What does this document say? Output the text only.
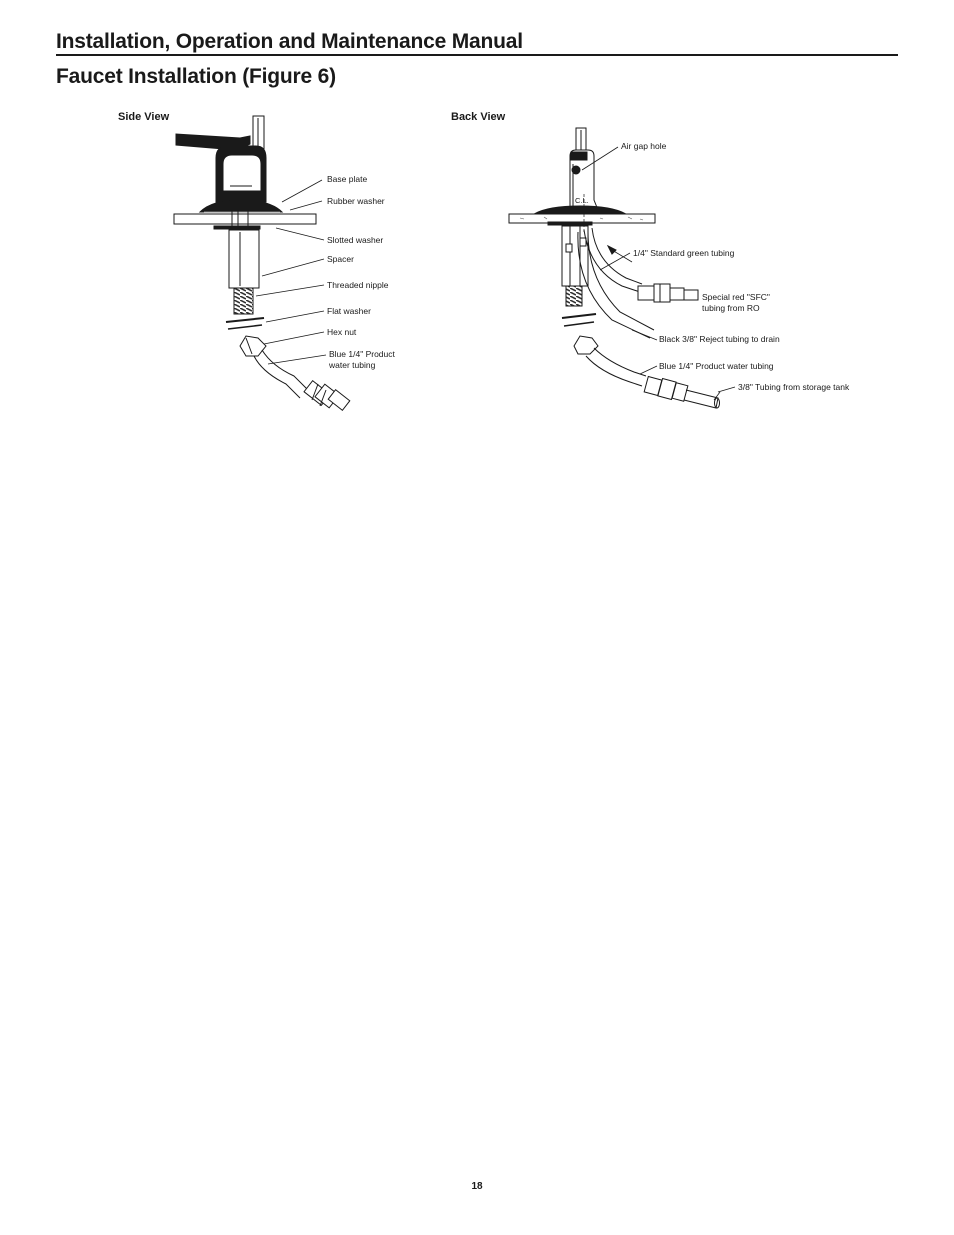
Installation, Operation and Maintenance Manual
Faucet Installation (Figure 6)
Side View	Back View
Base plate
Rubber washer
Slotted washer
Spacer
Threaded nipple
Flat washer
Hex nut
Blue 1/4" Product
water tubing
C.L.
Air gap hole
1/4" Standard green tubing
Special red "SFC"
tubing from RO
Black 3/8" Reject tubing to drain
Blue 1/4" Product water tubing
3/8" Tubing from storage tank
18
